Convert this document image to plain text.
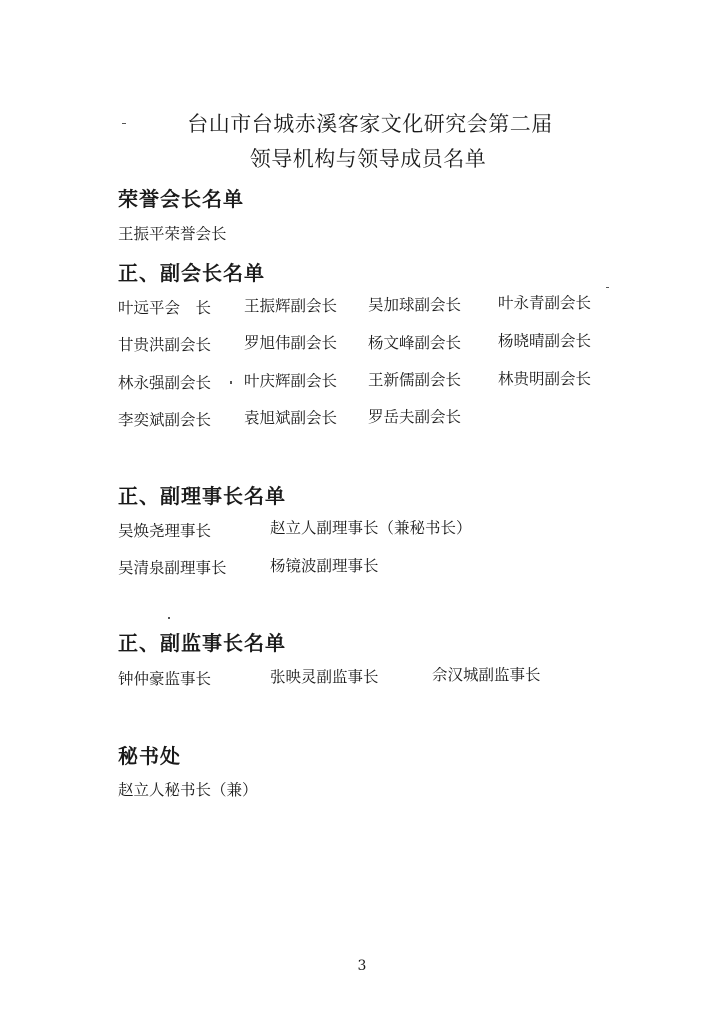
台山市台城赤溪客家文化研究会第二届
领导机构与领导成员名单
荣誉会长名单
王振平荣誉会长
正、副会长名单
叶远平会　长 王振辉副会长 吴加球副会长 叶永青副会长
甘贵洪副会长 罗旭伟副会长 杨文峰副会长 杨晓晴副会长
林永强副会长 叶庆辉副会长 王新儒副会长 林贵明副会长
李奕斌副会长 袁旭斌副会长 罗岳夫副会长
正、副理事长名单
吴焕尧理事长	赵立人副理事长（兼秘书长）
吴清泉副理事长	杨镜波副理事长
正、副监事长名单
钟仲豪监事长	张映灵副监事长	佘汉城副监事长
秘书处
赵立人秘书长（兼）
3
